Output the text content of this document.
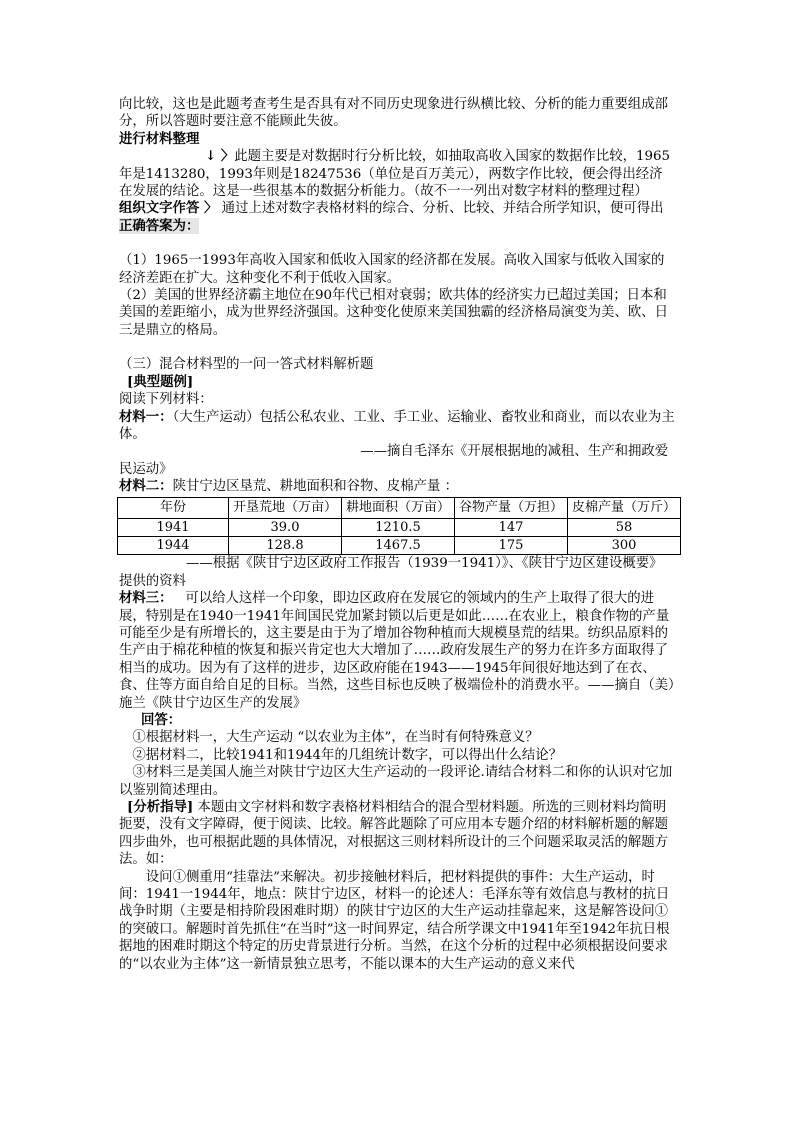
向比较，这也是此题考查考生是否具有对不同历史现象进行纵横比较、分析的能力重要组成部分，所以答题时要注意不能顾此失彼。

进行材料整理

↓ 〉此题主要是对数据时行分析比较，如抽取高收入国家的数据作比较，1965年是1413280，1993年则是18247536（单位是百万美元），两数字作比较，便会得出经济在发展的结论。这是一些很基本的数据分析能力。（故不一一列出对数字材料的整理过程）

组织文字作答 〉 通过上述对数字表格材料的综合、分析、比较、并结合所学知识，便可得出正确答案为：

（1）1965一1993年高收入国家和低收入国家的经济都在发展。高收入国家与低收入国家的经济差距在扩大。这种变化不利于低收入国家。

（2）美国的世界经济霸主地位在90年代已相对衰弱；欧共体的经济实力已超过美国；日本和美国的差距缩小，成为世界经济强国。这种变化使原来美国独霸的经济格局演变为美、欧、日三是鼎立的格局。

（三）混合材料型的一问一答式材料解析题

[典型题例]

阅读下列材料：

材料一：（大生产运动）包括公私农业、工业、手工业、运输业、畜牧业和商业，而以农业为主体。

——摘自毛泽东《开展根据地的减租、生产和拥政爱民运动》

材料二：陕甘宁边区垦荒、耕地面积和谷物、皮棉产量 ：

年份	开垦荒地（万亩）	耕地面积（万亩）	谷物产量（万担）	皮棉产量（万斤）
1941	39.0	1210.5	147	58
1944	128.8	1467.5	175	300

——根据《陕甘宁边区政府工作报告（1939一1941）》、《陕甘宁边区建设概要》提供的资料

材料三： 可以给人这样一个印象，即边区政府在发展它的领域内的生产上取得了很大的进展，特别是在1940一1941年间国民党加紧封锁以后更是如此……在农业上，粮食作物的产量可能至少是有所增长的，这主要是由于为了增加谷物种植而大规模垦荒的结果。纺织品原料的生产由于棉花种植的恢复和振兴肯定也大大增加了……政府发展生产的努力在许多方面取得了相当的成功。因为有了这样的进步，边区政府能在1943——1945年间很好地达到了在衣、食、住等方面自给自足的目标。当然，这些目标也反映了极端俭朴的消费水平。——摘自（美）施兰《陕甘宁边区生产的发展》

回答：

①根据材料一，大生产运动 “以农业为主体”，在当时有何特殊意义？

②据材料二，比较1941和1944年的几组统计数字，可以得出什么结论？

③材料三是美国人施兰对陕甘宁边区大生产运动的一段评论.请结合材料二和你的认识对它加以鉴别简述理由。

[分析指导] 本题由文字材料和数字表格材料相结合的混合型材料题。所选的三则材料均简明扼要，没有文字障碍，便于阅读、比较。解答此题除了可应用本专题介绍的材料解析题的解题四步曲外，也可根据此题的具体情况，对根据这三则材料所设计的三个问题采取灵活的解题方法。如：

设问①侧重用“挂靠法”来解决。初步接触材料后，把材料提供的事件：大生产运动，时间：1941一1944年，地点：陕甘宁边区，材料一的论述人：毛泽东等有效信息与教材的抗日战争时期（主要是相持阶段困难时期）的陕甘宁边区的大生产运动挂靠起来，这是解答设问①的突破口。解题时首先抓住“在当时”这一时间界定，结合所学课文中1941年至1942年抗日根据地的困难时期这个特定的历史背景进行分析。当然，在这个分析的过程中必须根据设问要求的“以农业为主体”这一新情景独立思考，不能以课本的大生产运动的意义来代
